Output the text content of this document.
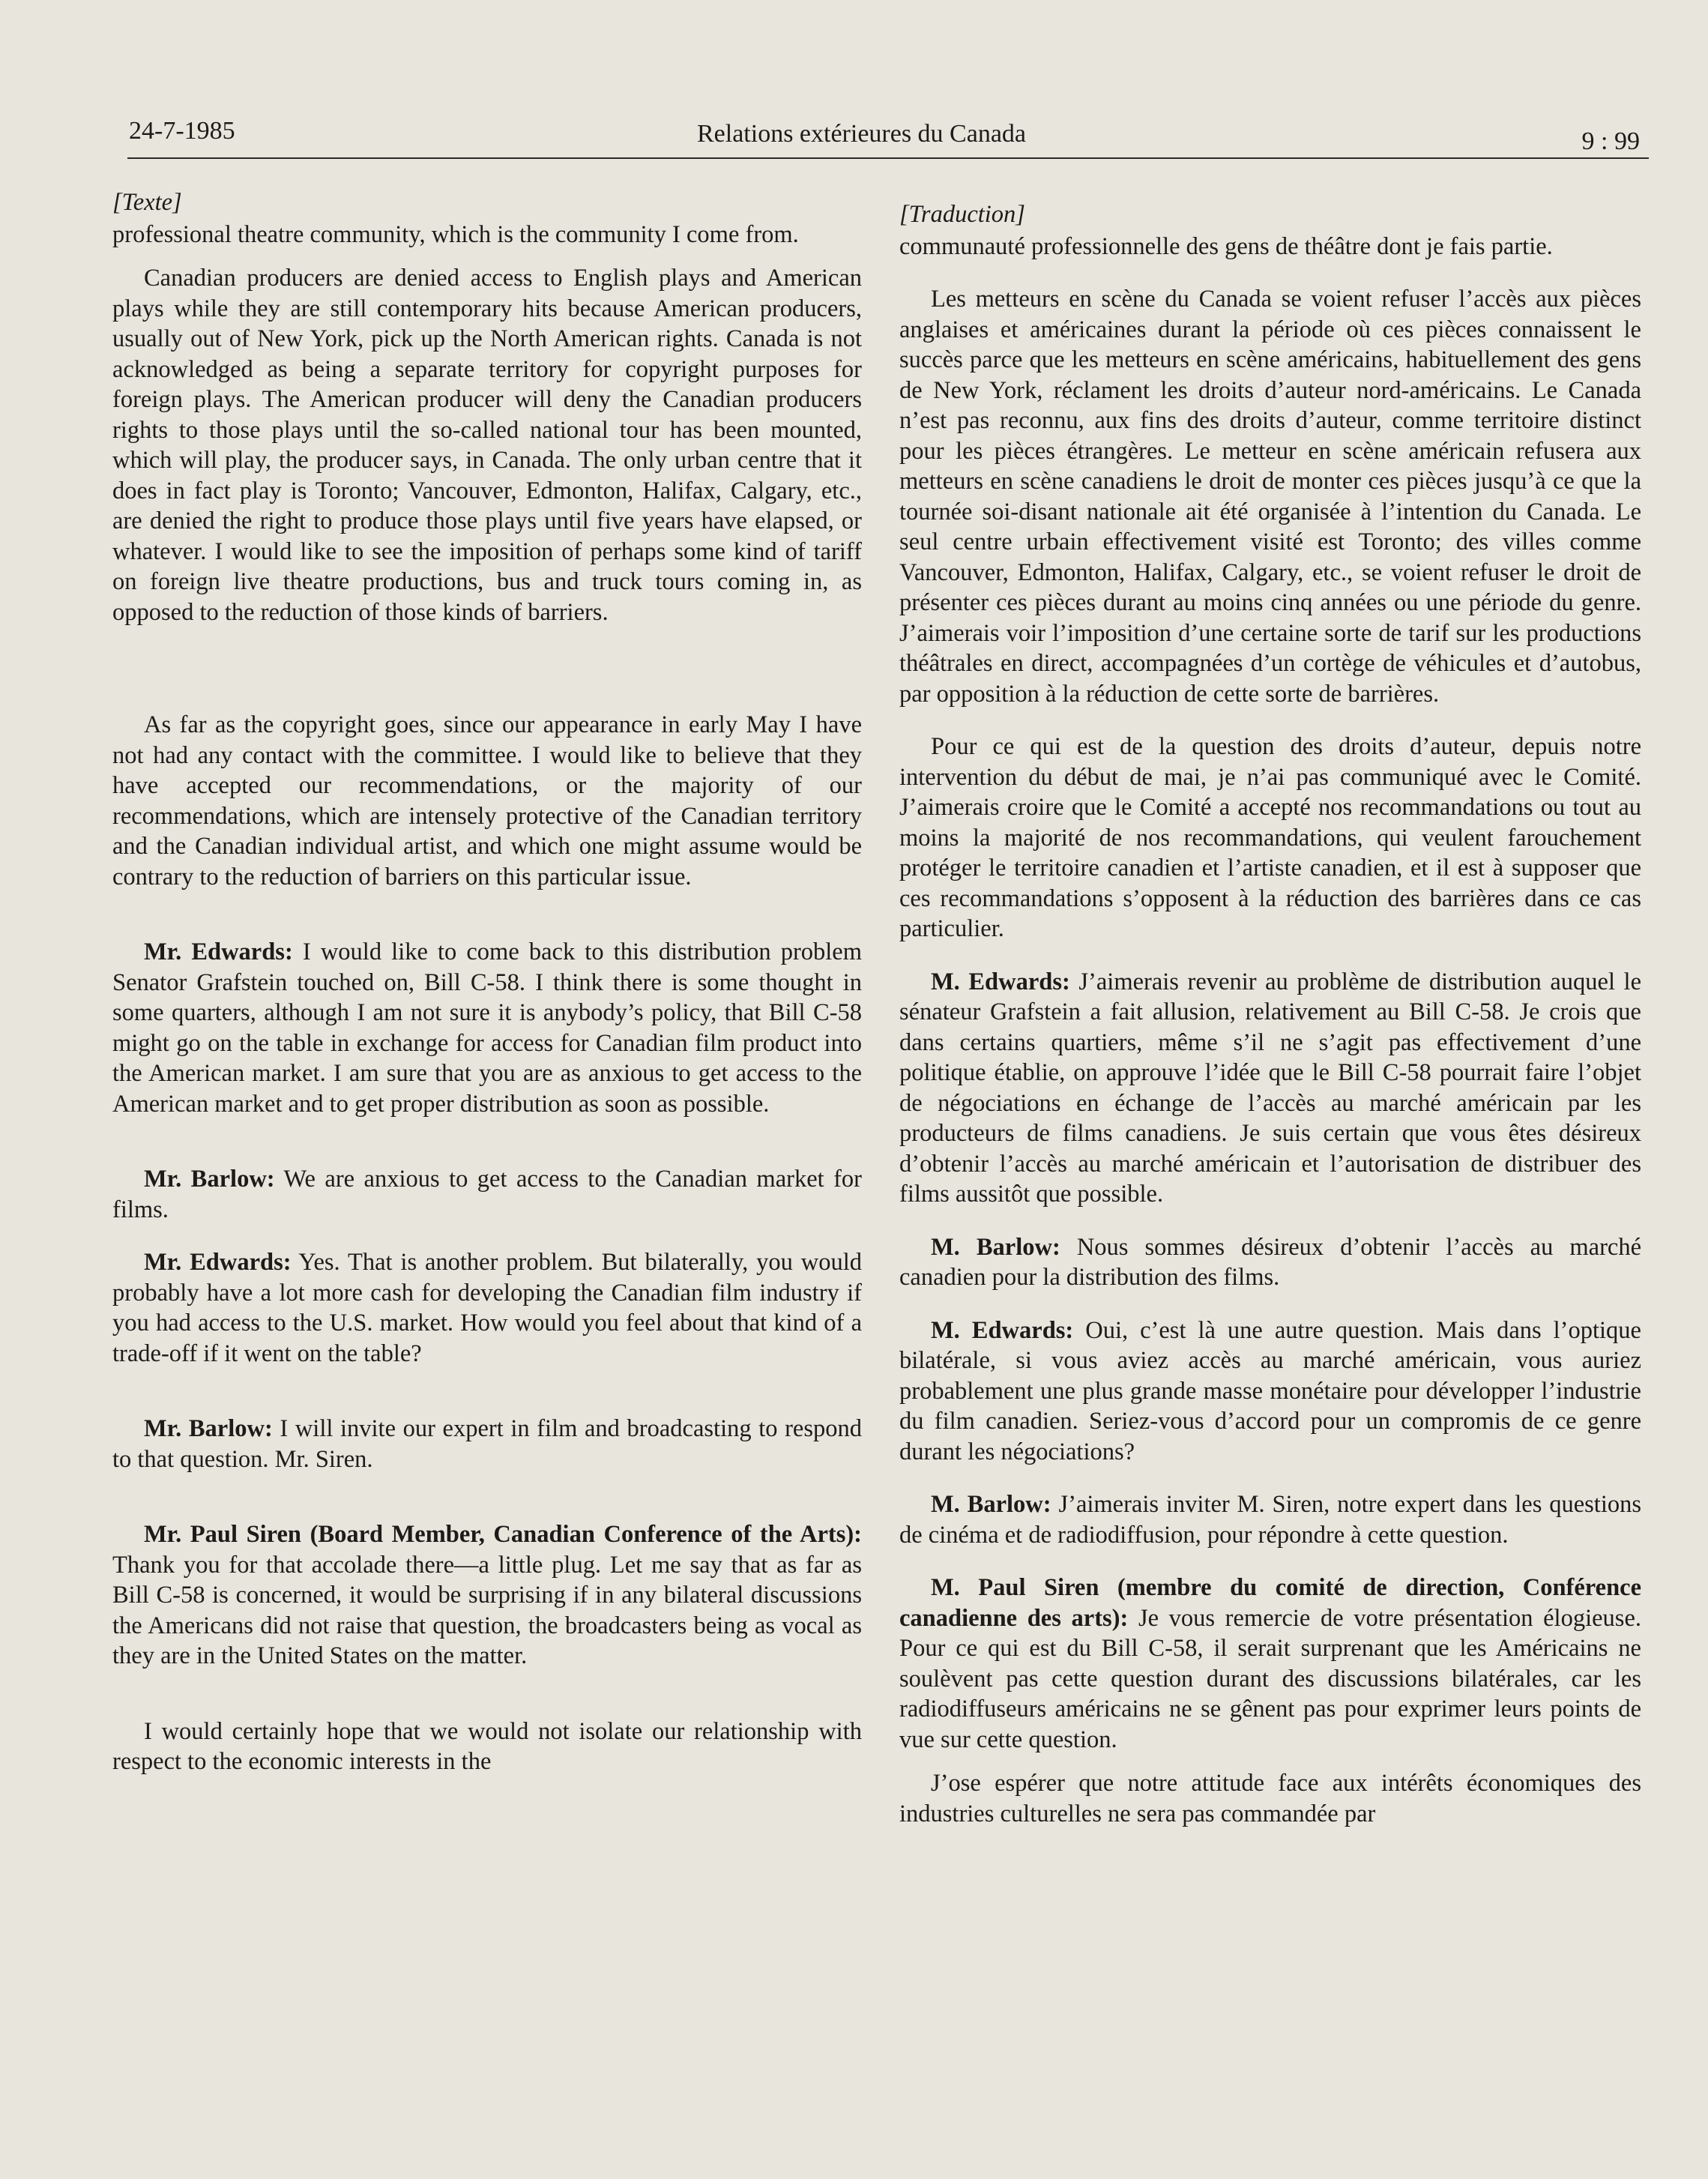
24-7-1985	Relations extérieures du Canada	9 : 99

[Texte]

professional theatre community, which is the community I come from.

Canadian producers are denied access to English plays and American plays while they are still contemporary hits because American producers, usually out of New York, pick up the North American rights. Canada is not acknowledged as being a separate territory for copyright purposes for foreign plays. The American producer will deny the Canadian producers rights to those plays until the so-called national tour has been mounted, which will play, the producer says, in Canada. The only urban centre that it does in fact play is Toronto; Vancouver, Edmonton, Halifax, Calgary, etc., are denied the right to produce those plays until five years have elapsed, or whatever. I would like to see the imposition of perhaps some kind of tariff on foreign live theatre productions, bus and truck tours coming in, as opposed to the reduction of those kinds of barriers.

As far as the copyright goes, since our appearance in early May I have not had any contact with the committee. I would like to believe that they have accepted our recommendations, or the majority of our recommendations, which are intensely protective of the Canadian territory and the Canadian individual artist, and which one might assume would be contrary to the reduction of barriers on this particular issue.

Mr. Edwards: I would like to come back to this distribution problem Senator Grafstein touched on, Bill C-58. I think there is some thought in some quarters, although I am not sure it is anybody’s policy, that Bill C-58 might go on the table in exchange for access for Canadian film product into the American market. I am sure that you are as anxious to get access to the American market and to get proper distribution as soon as possible.

Mr. Barlow: We are anxious to get access to the Canadian market for films.

Mr. Edwards: Yes. That is another problem. But bilaterally, you would probably have a lot more cash for developing the Canadian film industry if you had access to the U.S. market. How would you feel about that kind of a trade-off if it went on the table?

Mr. Barlow: I will invite our expert in film and broadcasting to respond to that question. Mr. Siren.

Mr. Paul Siren (Board Member, Canadian Conference of the Arts): Thank you for that accolade there—a little plug. Let me say that as far as Bill C-58 is concerned, it would be surprising if in any bilateral discussions the Americans did not raise that question, the broadcasters being as vocal as they are in the United States on the matter.

I would certainly hope that we would not isolate our relationship with respect to the economic interests in the

[Traduction]

communauté professionnelle des gens de théâtre dont je fais partie.

Les metteurs en scène du Canada se voient refuser l’accès aux pièces anglaises et américaines durant la période où ces pièces connaissent le succès parce que les metteurs en scène américains, habituellement des gens de New York, réclament les droits d’auteur nord-américains. Le Canada n’est pas reconnu, aux fins des droits d’auteur, comme territoire distinct pour les pièces étrangères. Le metteur en scène américain refusera aux metteurs en scène canadiens le droit de monter ces pièces jusqu’à ce que la tournée soi-disant nationale ait été organisée à l’intention du Canada. Le seul centre urbain effectivement visité est Toronto; des villes comme Vancouver, Edmonton, Halifax, Calgary, etc., se voient refuser le droit de présenter ces pièces durant au moins cinq années ou une période du genre. J’aimerais voir l’imposition d’une certaine sorte de tarif sur les productions théâtrales en direct, accompagnées d’un cortège de véhicules et d’autobus, par opposition à la réduction de cette sorte de barrières.

Pour ce qui est de la question des droits d’auteur, depuis notre intervention du début de mai, je n’ai pas communiqué avec le Comité. J’aimerais croire que le Comité a accepté nos recommandations ou tout au moins la majorité de nos recommandations, qui veulent farouchement protéger le territoire canadien et l’artiste canadien, et il est à supposer que ces recommandations s’opposent à la réduction des barrières dans ce cas particulier.

M. Edwards: J’aimerais revenir au problème de distribution auquel le sénateur Grafstein a fait allusion, relativement au Bill C-58. Je crois que dans certains quartiers, même s’il ne s’agit pas effectivement d’une politique établie, on approuve l’idée que le Bill C-58 pourrait faire l’objet de négociations en échange de l’accès au marché américain par les producteurs de films canadiens. Je suis certain que vous êtes désireux d’obtenir l’accès au marché américain et l’autorisation de distribuer des films aussitôt que possible.

M. Barlow: Nous sommes désireux d’obtenir l’accès au marché canadien pour la distribution des films.

M. Edwards: Oui, c’est là une autre question. Mais dans l’optique bilatérale, si vous aviez accès au marché américain, vous auriez probablement une plus grande masse monétaire pour développer l’industrie du film canadien. Seriez-vous d’accord pour un compromis de ce genre durant les négociations?

M. Barlow: J’aimerais inviter M. Siren, notre expert dans les questions de cinéma et de radiodiffusion, pour répondre à cette question.

M. Paul Siren (membre du comité de direction, Conférence canadienne des arts): Je vous remercie de votre présentation élogieuse. Pour ce qui est du Bill C-58, il serait surprenant que les Américains ne soulèvent pas cette question durant des discussions bilatérales, car les radiodiffuseurs américains ne se gênent pas pour exprimer leurs points de vue sur cette question.

J’ose espérer que notre attitude face aux intérêts économiques des industries culturelles ne sera pas commandée par
